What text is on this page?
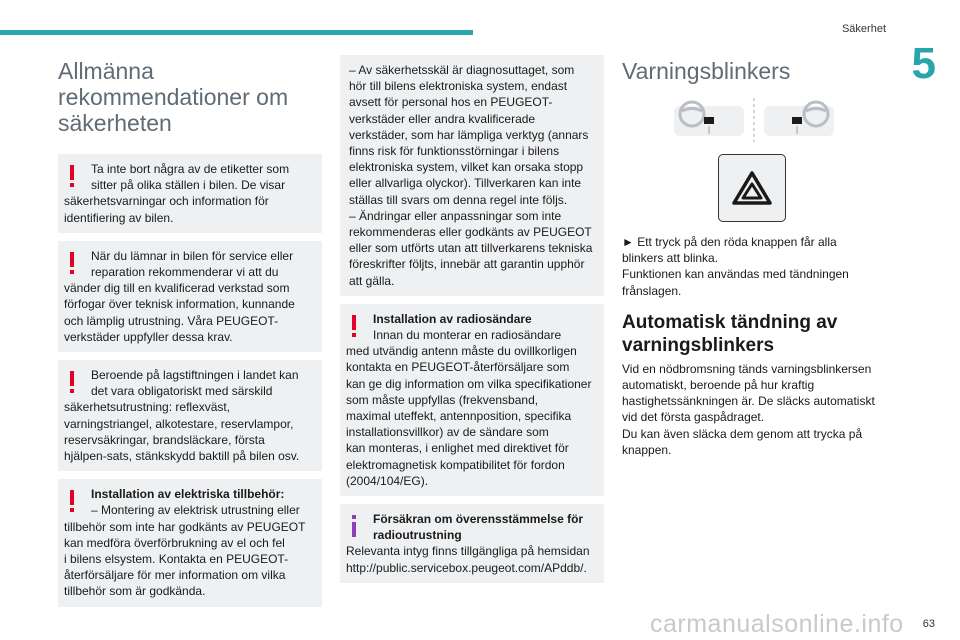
Säkerhet
5
Allmänna
rekommendationer om
säkerheten
Ta inte bort några av de etiketter som
sitter på olika ställen i bilen. De visar
säkerhetsvarningar och information för
identifiering av bilen.
När du lämnar in bilen för service eller
reparation rekommenderar vi att du
vänder dig till en kvalificerad verkstad som
förfogar över teknisk information, kunnande
och lämplig utrustning. Våra PEUGEOT-
verkstäder uppfyller dessa krav.
Beroende på lagstiftningen i landet kan
det vara obligatoriskt med särskild
säkerhetsutrustning: reflexväst,
varningstriangel, alkotestare, reservlampor,
reservsäkringar, brandsläckare, första
hjälpen-sats, stänkskydd baktill på bilen osv.
Installation av elektriska tillbehör:
– Montering av elektrisk utrustning eller
tillbehör som inte har godkänts av PEUGEOT
kan medföra överförbrukning av el och fel
i bilens elsystem. Kontakta en PEUGEOT-
återförsäljare för mer information om vilka
tillbehör som är godkända.
– Av säkerhetsskäl är diagnosuttaget, som
hör till bilens elektroniska system, endast
avsett för personal hos en PEUGEOT-
verkstäder eller andra kvalificerade
verkstäder, som har lämpliga verktyg (annars
finns risk för funktionsstörningar i bilens
elektroniska system, vilket kan orsaka stopp
eller allvarliga olyckor). Tillverkaren kan inte
ställas till svars om denna regel inte följs.
– Ändringar eller anpassningar som inte
rekommenderas eller godkänts av PEUGEOT
eller som utförts utan att tillverkarens tekniska
föreskrifter följts, innebär att garantin upphör
att gälla.
Installation av radiosändare
Innan du monterar en radiosändare
med utvändig antenn måste du ovillkorligen
kontakta en PEUGEOT-återförsäljare som
kan ge dig information om vilka specifikationer
som måste uppfyllas (frekvensband,
maximal uteffekt, antennposition, specifika
installationsvillkor) av de sändare som
kan monteras, i enlighet med direktivet för
elektromagnetisk kompatibilitet för fordon
(2004/104/EG).
Försäkran om överensstämmelse för
radioutrustning
Relevanta intyg finns tillgängliga på hemsidan
http://public.servicebox.peugeot.com/APddb/.
Varningsblinkers

► Ett tryck på den röda knappen får alla

blinkers att blinka.

Funktionen kan användas med tändningen

frånslagen.

Automatisk tändning av
varningsblinkers

Vid en nödbromsning tänds varningsblinkersen

automatiskt, beroende på hur kraftig

hastighetssänkningen är. De släcks automatiskt

vid det första gaspådraget.

Du kan även släcka dem genom att trycka på

knappen.

carmanualsonline.info 63
